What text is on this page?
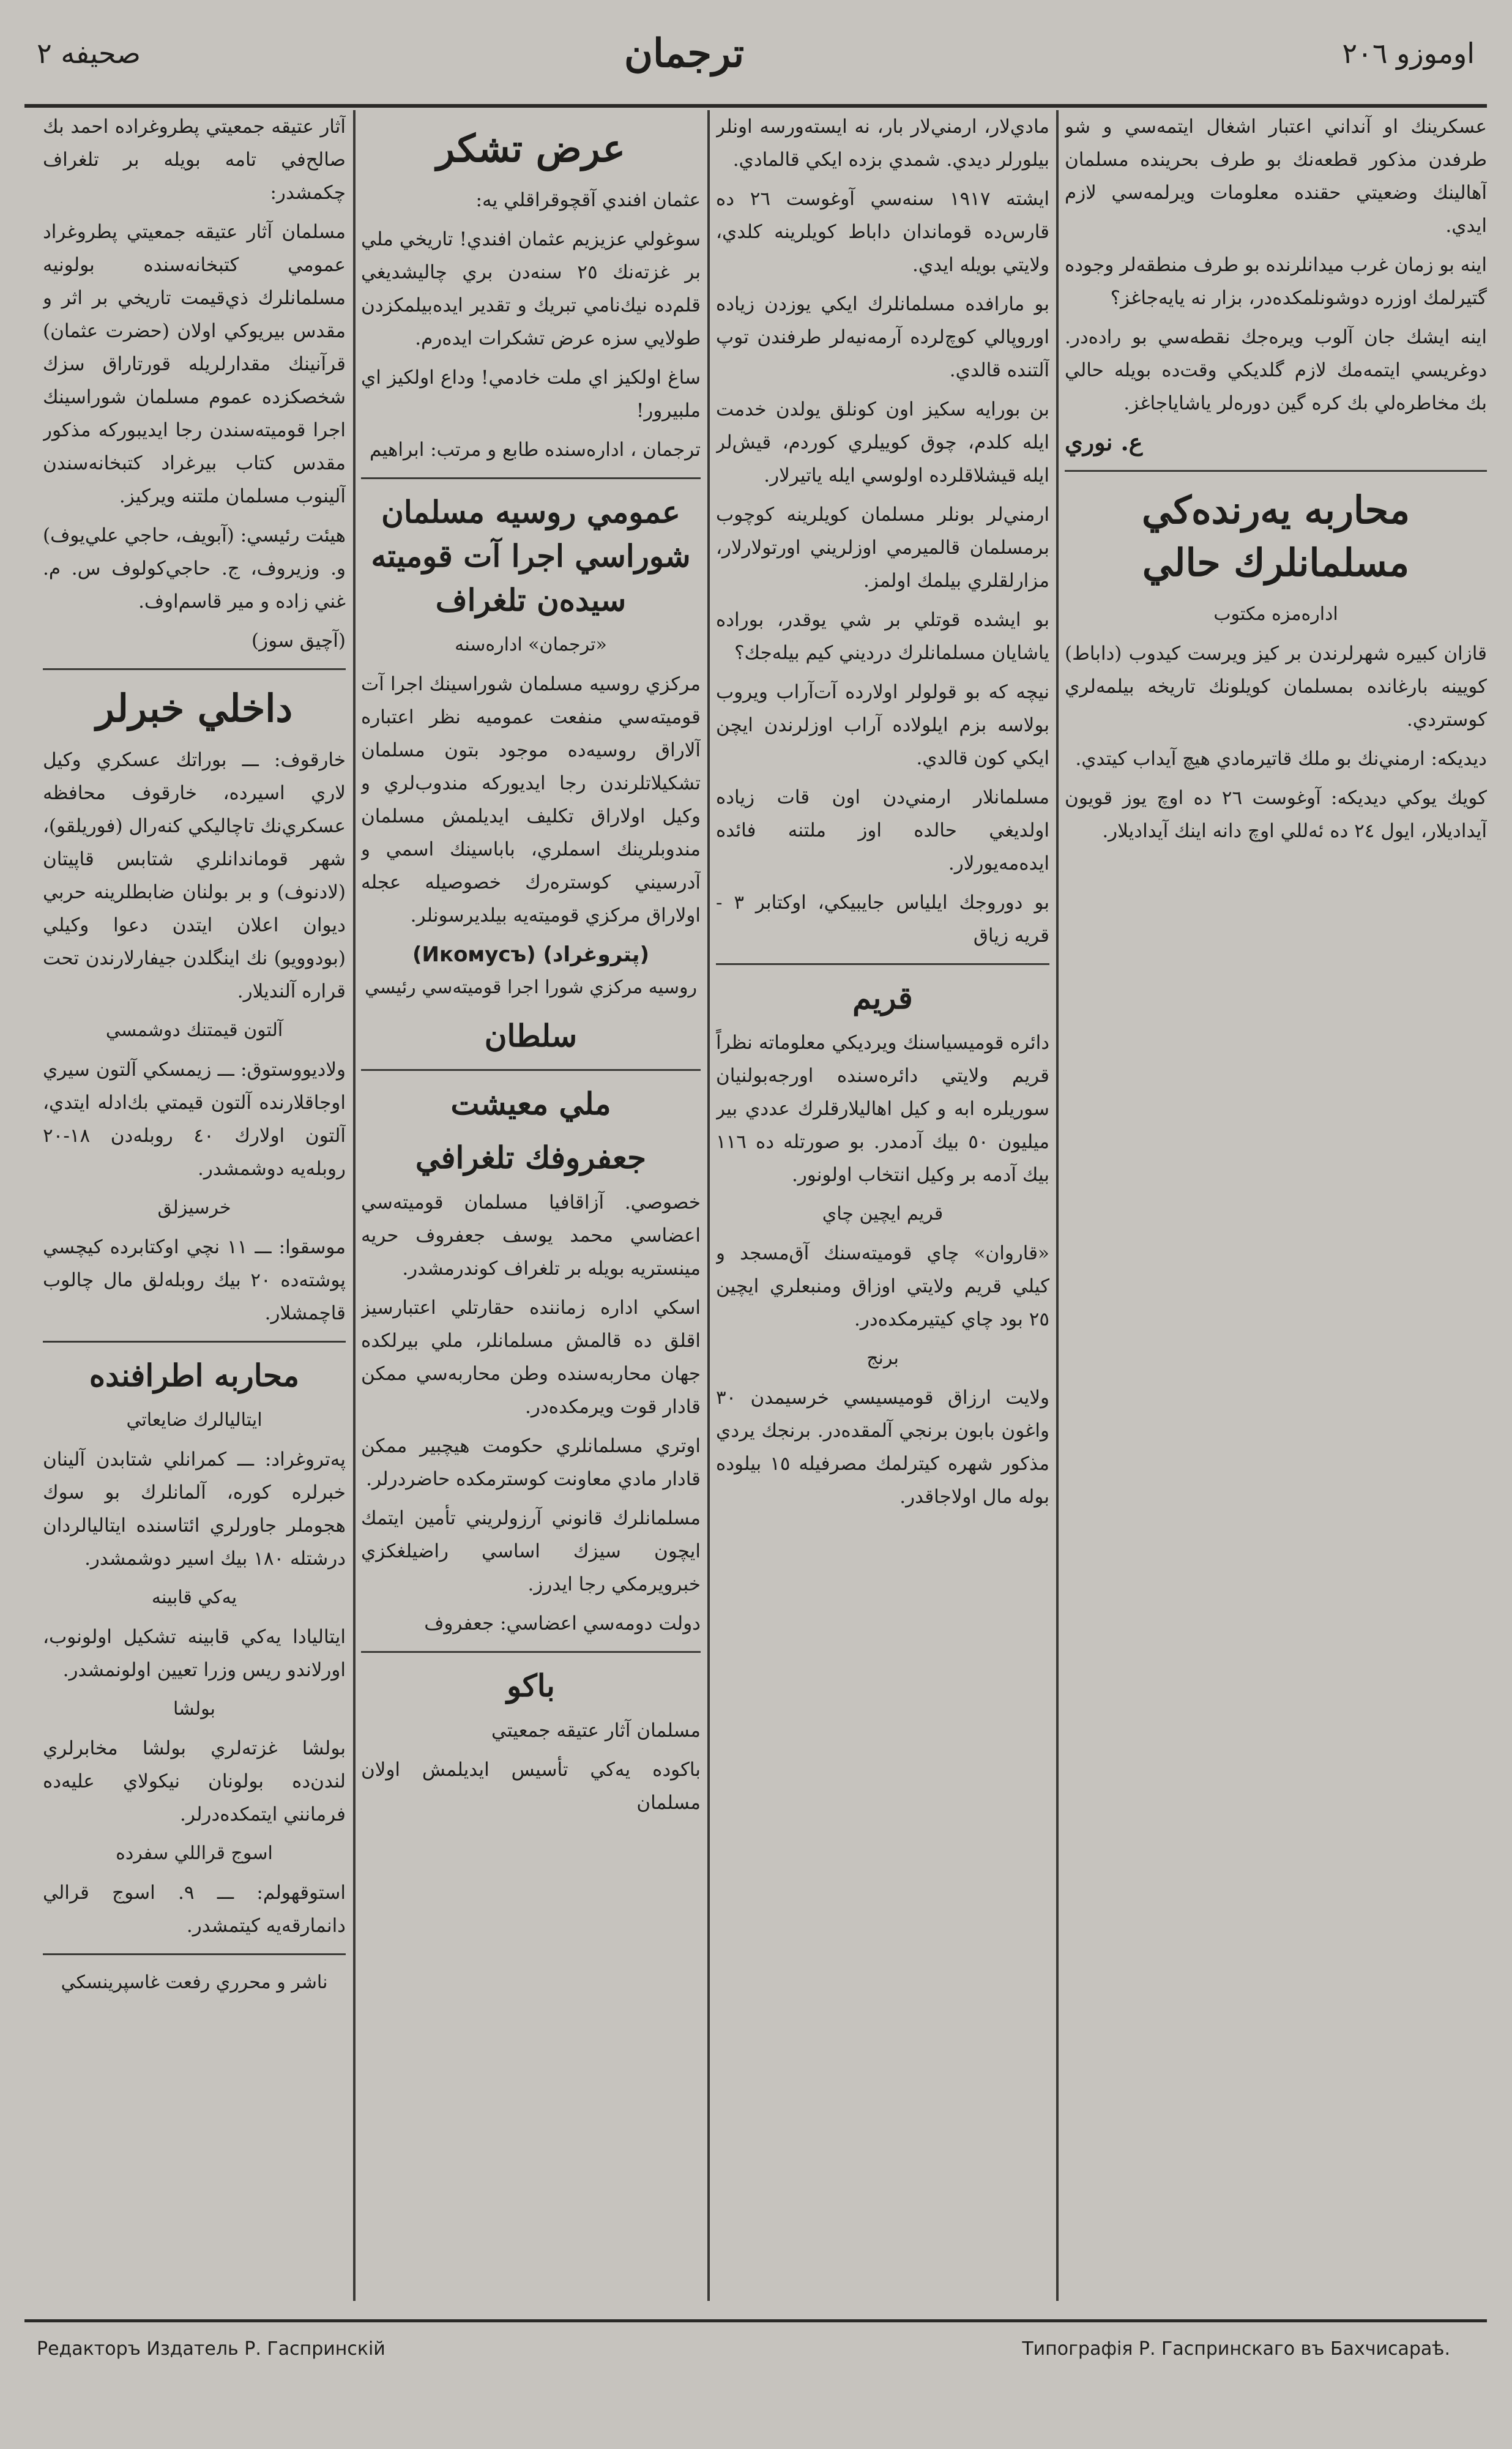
صحيفه ٢	ترجمان	اوموزو ٢٠٦

عسكرينك او آنداني اعتبار اشغال ايتمه‌سي و شو طرفدن مذكور قطعه‌نك بو طرف بحرينده مسلمان آهالينك وضعيتي حقنده معلومات ويرلمه‌سي لازم ايدي.

اينه بو زمان غرب ميدانلرنده بو طرف منطقه‌لر وجوده گتيرلمك اوزره دوشونلمكده‌در، بزار نه يايه‌جاغز؟

اينه ايشك جان آلوب ويره‌جك نقطه‌سي بو راده‌در. دوغريسي ايتمه‌مك لازم گلديكي وقت‌ده بويله حالي بك مخاطره‌لي بك كره گين دوره‌لر ياشاياجاغز.

ع. نوري
محاربه يه‌رنده‌كي مسلمانلرك حالي
اداره‌مزه مكتوب

قازان كبيره شهرلرندن بر كيز ويرست كيدوب (داباط) كويينه بارغانده بمسلمان كويلونك تاريخه بيلمه‌لري كوستردي.

ديديكه: ارمني‌نك بو ملك قاتيرمادي هيچ آيداب كيتدي.

كويك يوكي ديديكه: آوغوست ٢٦ ده اوچ يوز قويون آيداديلار، ايول ٢٤ ده ئه‌للي اوچ دانه اينك آيداديلار.

مادي‌لار، ارمني‌لار بار، نه ايسته‌ورسه اونلر بيلور‌لر ديدي. شمدي بزده ايكي قالمادي.

ايشته ١٩١٧ سنه‌سي آوغوست ٢٦ ده قارس‌ده قوماندان داباط كويلرينه كلدي، ولايتي بويله ايدي.

بو مارافده مسلمانلرك ايكي يوزدن زياده اوروپالي كوچ‌لرده آرمه‌نيه‌لر طرفندن توپ آلتنده قالدي.

بن بورايه سكيز اون كونلق يولدن خدمت ايله كلدم، چوق كوييلري كوردم، قيش‌لر ايله قيشلاقلرده اولوسي ايلە ياتيرلار.

ارمني‌لر بونلر مسلمان كويلرينه كوچوب برمسلمان قالميرمي اوزلريني اورتولارلار، مزارلقلري بيلمك اولمز.

بو ايشده قوتلي بر شي يوقدر، بوراده ياشايان مسلمانلرك درديني كيم بيله‌جك؟

نيچه كه بو قولولر اولارده آت‌آراب ويروب بولاسه بزم ايلولاده آراب اوزلرندن ايچن ايكي كون قالدي.

مسلمانلار ارمني‌دن اون قات زياده اولديغي حالده اوز ملتنه فائده ايده‌مه‌يورلار.

بو دوروجك ايلياس جايبيكي، اوكتابر ٣ - قريه زياق

قريم

دائره قوميسياسنك ويرديكي معلوماته نظراً قريم ولايتي دائره‌سنده اورجه‌بولنيان سوريلره ابه و كيل اهاليلارقلرك عددي بير ميليون ٥٠ بيك آدمدر. بو صورتله ده ١١٦ بيك آدمه بر وكيل انتخاب اولونور.

قريم ايچين چاي

«قاروان» چاي قوميته‌سنك آق‌مسجد و كيلي قريم ولايتي اوزاق ومنبعلري ايچين ٢٥ بود چاي كيتيرمكده‌در.

برنج

ولايت ارزاق قوميسيسي خرسيمدن ٣٠ واغون بابون برنجي آلمقده‌در. برنجك يردي مذكور شهره كيترلمك مصرفيله ١٥ بيلوده بوله مال اولاجاقدر.

عرض تشكر

عثمان افندي آقچوقراقلي يه:

سوغولي عزيزيم عثمان افندي! تاريخي ملي بر غزته‌نك ٢٥ سنه‌دن بري چاليشديغي قلم‌ده نيك‌نامي تبريك و تقدير ايده‌بيلمكزدن طولايي سزه عرض تشكرات ايده‌رم.

ساغ اولكيز اي ملت خادمي! وداع اولكيز اي ملبيرور!

ترجمان ، اداره‌سنده طابع و مرتب: ابراهيم

عمومي روسيه مسلمان شوراسي اجرا آت قوميته سيده‌ن تلغراف
«ترجمان» اداره‌سنه

مركزي روسيه مسلمان شوراسينك اجرا آت قوميته‌سي منفعت عموميه نظر اعتباره آلاراق روسيه‌ده موجود بتون مسلمان تشكيلاتلرندن رجا ايديوركه مندوب‌لري و وكيل اولاراق تكليف ايديلمش مسلمان مندوبلرينك اسملري، باباسينك اسمي و آدرسيني كوستره‌رك خصوصيله عجله اولاراق مركزي قوميته‌يه بيلديرسونلر.

(Икомусъ) (پتروغراد)
روسيه مركزي شورا اجرا قوميته‌سي رئيسي
سلطان
ملي معيشت
جعفروفك تلغرافي

خصوصي. آزاقافيا مسلمان قوميته‌سي اعضاسي محمد يوسف جعفروف حريه مينستريه بويله بر تلغراف كوندرمشدر.

اسكي اداره زماننده حقارتلي اعتبارسيز اقلق ده قالمش مسلمانلر، ملي بيرلكده جهان محاربه‌سنده وطن محاربه‌سي ممكن قادار قوت ويرمكده‌در.

اوتري مسلمانلري حكومت هيچبير ممكن قادار مادي معاونت كوسترمكده حاضردرلر.

مسلمانلرك قانوني آرزولريني تأمين ايتمك ايچون سيزك اساسي راضيلغكزي خبرويرمكي رجا ايدرز.

دولت دومه‌سي اعضاسي: جعفروف

باكو

مسلمان آثار عتيقه جمعيتي

باكوده يه‌كي تأسيس ايديلمش اولان مسلمان

آثار عتيقه جمعيتي پطروغراده احمد بك صالح‌في تامه بويله بر تلغراف چكمشدر:

مسلمان آثار عتيقه جمعيتي پطروغراد عمومي كتبخانه‌سنده بولونيه مسلمانلرك ذي‌قيمت تاريخي بر اثر و مقدس بيريوكي اولان (حضرت عثمان) قرآنينك مقدارلريله قورتاراق سزك شخصكزده عموم مسلمان شوراسينك اجرا قوميته‌سندن رجا ايديبوركه مذكور مقدس كتاب بيرغراد كتبخانه‌سندن آلينوب مسلمان ملتنه ويركيز.

هيئت رئيسي: (آبويف، حاجي علي‌يوف) و. وزيروف، ج. حاجي‌كولوف س. م. غني زاده و مير قاسم‌اوف.

(آچيق سوز)

داخلي خبرلر

خارقوف: ـــ بوراتك عسكري وكيل لاري اسيرده، خارقوف محافظه عسكري‌نك تاچاليكي كنه‌رال (فوريلقو)، شهر قوماندانلري شتابس قاپيتان (لادنوف) و بر بولنان ضابطلرينه حربي ديوان اعلان ايتدن دعوا وكيلي (بودوويو) نك اينگلدن جيفارلارندن تحت قراره آلنديلار.

آلتون قيمتنك دوشمسي

ولاديووستوق: ـــ زيمسكي آلتون سيري اوجاقلارنده آلتون قيمتي بك‌ادله ايتدي، آلتون اولارك ٤٠ روبله‌دن ١٨-٢٠ روبله‌يه دوشمشدر.

خرسيزلق

موسقوا: ـــ ١١ نچي اوكتابرده كيچسي پوشته‌ده ٢٠ بيك روبله‌لق مال چالوب قاچمشلار.

محاربه اطرافنده
ايتاليالرك ضايعاتي

په‌تروغراد: ـــ كمرانلي شتابدن آلينان خبرلره كوره، آلمانلرك بو سوك هجوملر جاورلري ائتاسنده ايتاليالردان درشتله ١٨٠ بيك اسير دوشمشدر.

يه‌كي قابينه

ايتاليادا يه‌كي قابينه تشكيل اولونوب، اورلاندو ريس وزرا تعيين اولونمشدر.

بولشا

بولشا غزته‌لري بولشا مخابرلري لندن‌ده بولونان نيكولاي عليه‌ده فرمانني ايتمكده‌درلر.

اسوج قراللي سفرده

استوقهولم: ـــ ٩. اسوج قرالي دانمارقه‌يه كيتمشدر.

ناشر و محرري رفعت غاسپرينسكي
Редакторъ Издатель Р. Гаспринскій	Типографія Р. Гаспринскаго въ Бахчисараѣ.
